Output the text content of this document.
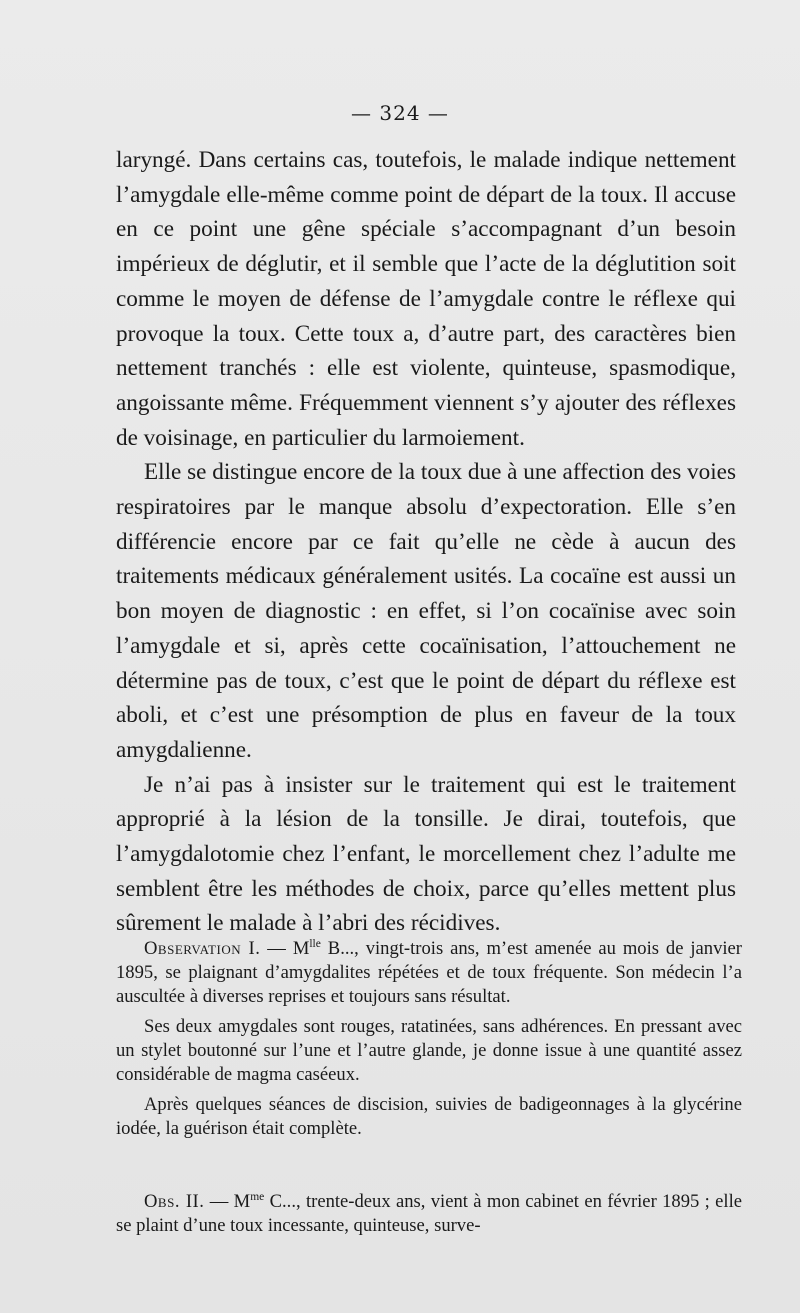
— 324 —

laryngé. Dans certains cas, toutefois, le malade indique nettement l’amygdale elle-même comme point de départ de la toux. Il accuse en ce point une gêne spéciale s’accompagnant d’un besoin impérieux de déglutir, et il semble que l’acte de la déglutition soit comme le moyen de défense de l’amygdale contre le réflexe qui provoque la toux. Cette toux a, d’autre part, des caractères bien nettement tranchés : elle est violente, quinteuse, spasmodique, angoissante même. Fréquemment viennent s’y ajouter des réflexes de voisinage, en particulier du larmoiement.

Elle se distingue encore de la toux due à une affection des voies respiratoires par le manque absolu d’expectoration. Elle s’en différencie encore par ce fait qu’elle ne cède à aucun des traitements médicaux généralement usités. La cocaïne est aussi un bon moyen de diagnostic : en effet, si l’on cocaïnise avec soin l’amygdale et si, après cette cocaïnisation, l’attouchement ne détermine pas de toux, c’est que le point de départ du réflexe est aboli, et c’est une présomption de plus en faveur de la toux amygdalienne.

Je n’ai pas à insister sur le traitement qui est le traitement approprié à la lésion de la tonsille. Je dirai, toutefois, que l’amygdalotomie chez l’enfant, le morcellement chez l’adulte me semblent être les méthodes de choix, parce qu’elles mettent plus sûrement le malade à l’abri des récidives.

Observation I. — $M^{lle}$ B..., vingt-trois ans, m’est amenée au mois de janvier 1895, se plaignant d’amygdalites répétées et de toux fréquente. Son médecin l’a auscultée à diverses reprises et toujours sans résultat.

Ses deux amygdales sont rouges, ratatinées, sans adhérences. En pressant avec un stylet boutonné sur l’une et l’autre glande, je donne issue à une quantité assez considérable de magma caséeux.

Après quelques séances de discision, suivies de badigeonnages à la glycérine iodée, la guérison était complète.

Obs. II. — $M^{me}$ C..., trente-deux ans, vient à mon cabinet en février 1895 ; elle se plaint d’une toux incessante, quinteuse, surve-
